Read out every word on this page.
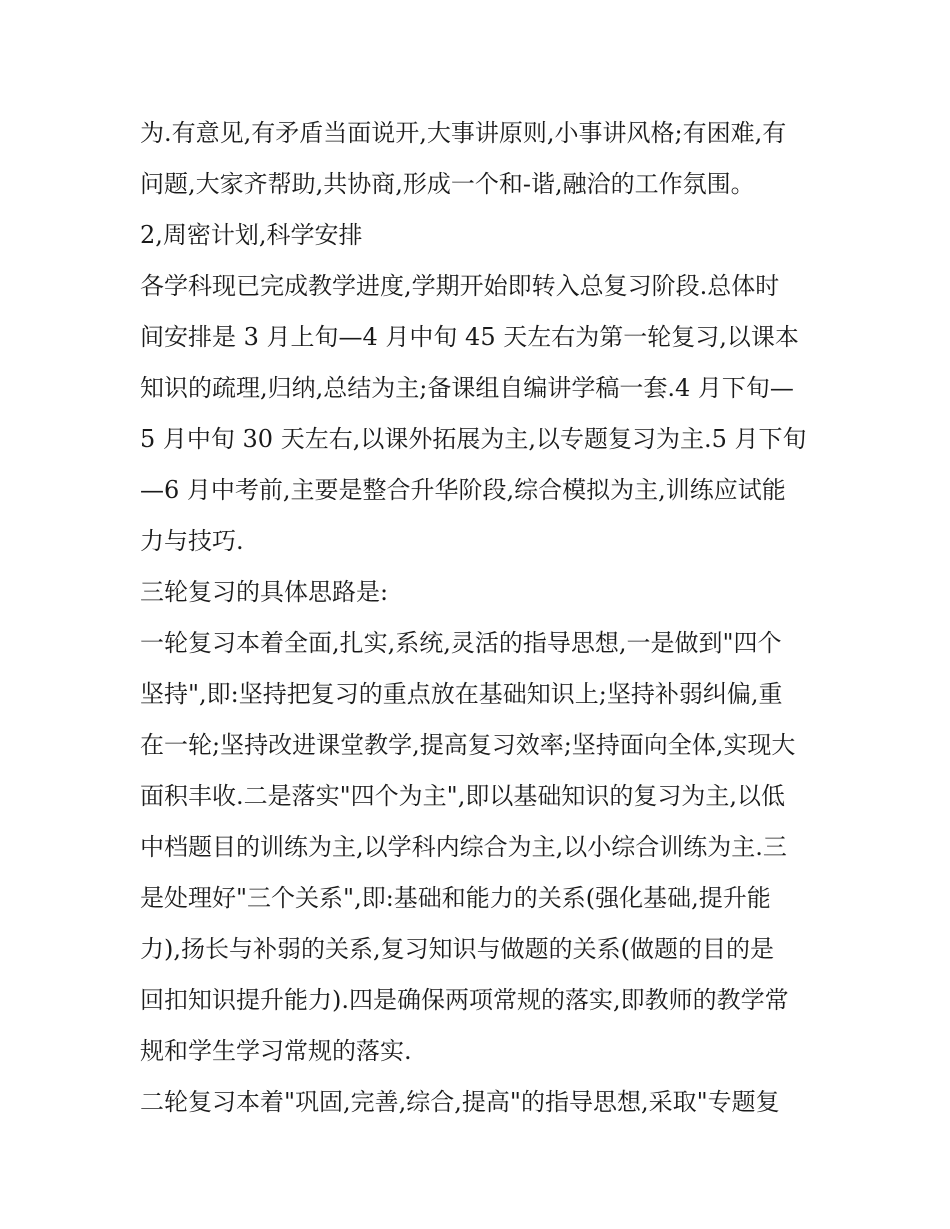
为.有意见,有矛盾当面说开,大事讲原则,小事讲风格;有困难,有
问题,大家齐帮助,共协商,形成一个和-谐,融洽的工作氛围。
2,周密计划,科学安排
各学科现已完成教学进度,学期开始即转入总复习阶段.总体时
间安排是 3 月上旬—4 月中旬 45 天左右为第一轮复习,以课本
知识的疏理,归纳,总结为主;备课组自编讲学稿一套.4 月下旬—
5 月中旬 30 天左右,以课外拓展为主,以专题复习为主.5 月下旬
—6 月中考前,主要是整合升华阶段,综合模拟为主,训练应试能
力与技巧.
三轮复习的具体思路是:
一轮复习本着全面,扎实,系统,灵活的指导思想,一是做到"四个
坚持",即:坚持把复习的重点放在基础知识上;坚持补弱纠偏,重
在一轮;坚持改进课堂教学,提高复习效率;坚持面向全体,实现大
面积丰收.二是落实"四个为主",即以基础知识的复习为主,以低
中档题目的训练为主,以学科内综合为主,以小综合训练为主.三
是处理好"三个关系",即:基础和能力的关系(强化基础,提升能
力),扬长与补弱的关系,复习知识与做题的关系(做题的目的是
回扣知识提升能力).四是确保两项常规的落实,即教师的教学常
规和学生学习常规的落实.
二轮复习本着"巩固,完善,综合,提高"的指导思想,采取"专题复
